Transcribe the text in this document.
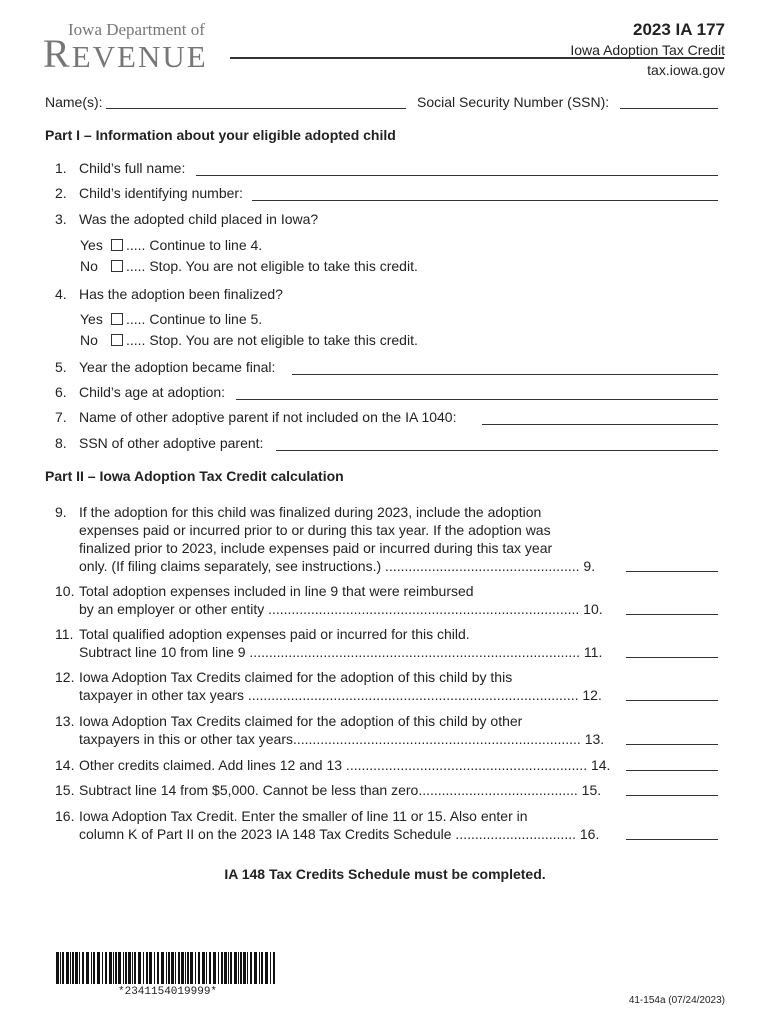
Iowa Department of
REVENUE
2023 IA 177
Iowa Adoption Tax Credit
tax.iowa.gov
Name(s):	Social Security Number (SSN):
Part I – Information about your eligible adopted child
1. Child’s full name:
2. Child’s identifying number:
3. Was the adopted child placed in Iowa?
Yes ..... Continue to line 4.
No ..... Stop. You are not eligible to take this credit.
4. Has the adoption been finalized?
Yes ..... Continue to line 5.
No ..... Stop. You are not eligible to take this credit.
5. Year the adoption became final:
6. Child’s age at adoption:
7. Name of other adoptive parent if not included on the IA 1040:
8. SSN of other adoptive parent:
Part II – Iowa Adoption Tax Credit calculation
9. If the adoption for this child was finalized during 2023, include the adoption
expenses paid or incurred prior to or during this tax year. If the adoption was
finalized prior to 2023, include expenses paid or incurred during this tax year
only. (If filing claims separately, see instructions.) .................................................. 9.
10. Total adoption expenses included in line 9 that were reimbursed
by an employer or other entity ................................................................................ 10.
11. Total qualified adoption expenses paid or incurred for this child.
Subtract line 10 from line 9 ..................................................................................... 11.
12. Iowa Adoption Tax Credits claimed for the adoption of this child by this
taxpayer in other tax years ..................................................................................... 12.
13. Iowa Adoption Tax Credits claimed for the adoption of this child by other
taxpayers in this or other tax years.......................................................................... 13.
14. Other credits claimed. Add lines 12 and 13 .............................................................. 14.
15. Subtract line 14 from $5,000. Cannot be less than zero......................................... 15.
16. Iowa Adoption Tax Credit. Enter the smaller of line 11 or 15. Also enter in
column K of Part II on the 2023 IA 148 Tax Credits Schedule ............................... 16.
IA 148 Tax Credits Schedule must be completed.
*2341154019999*
41-154a (07/24/2023)
